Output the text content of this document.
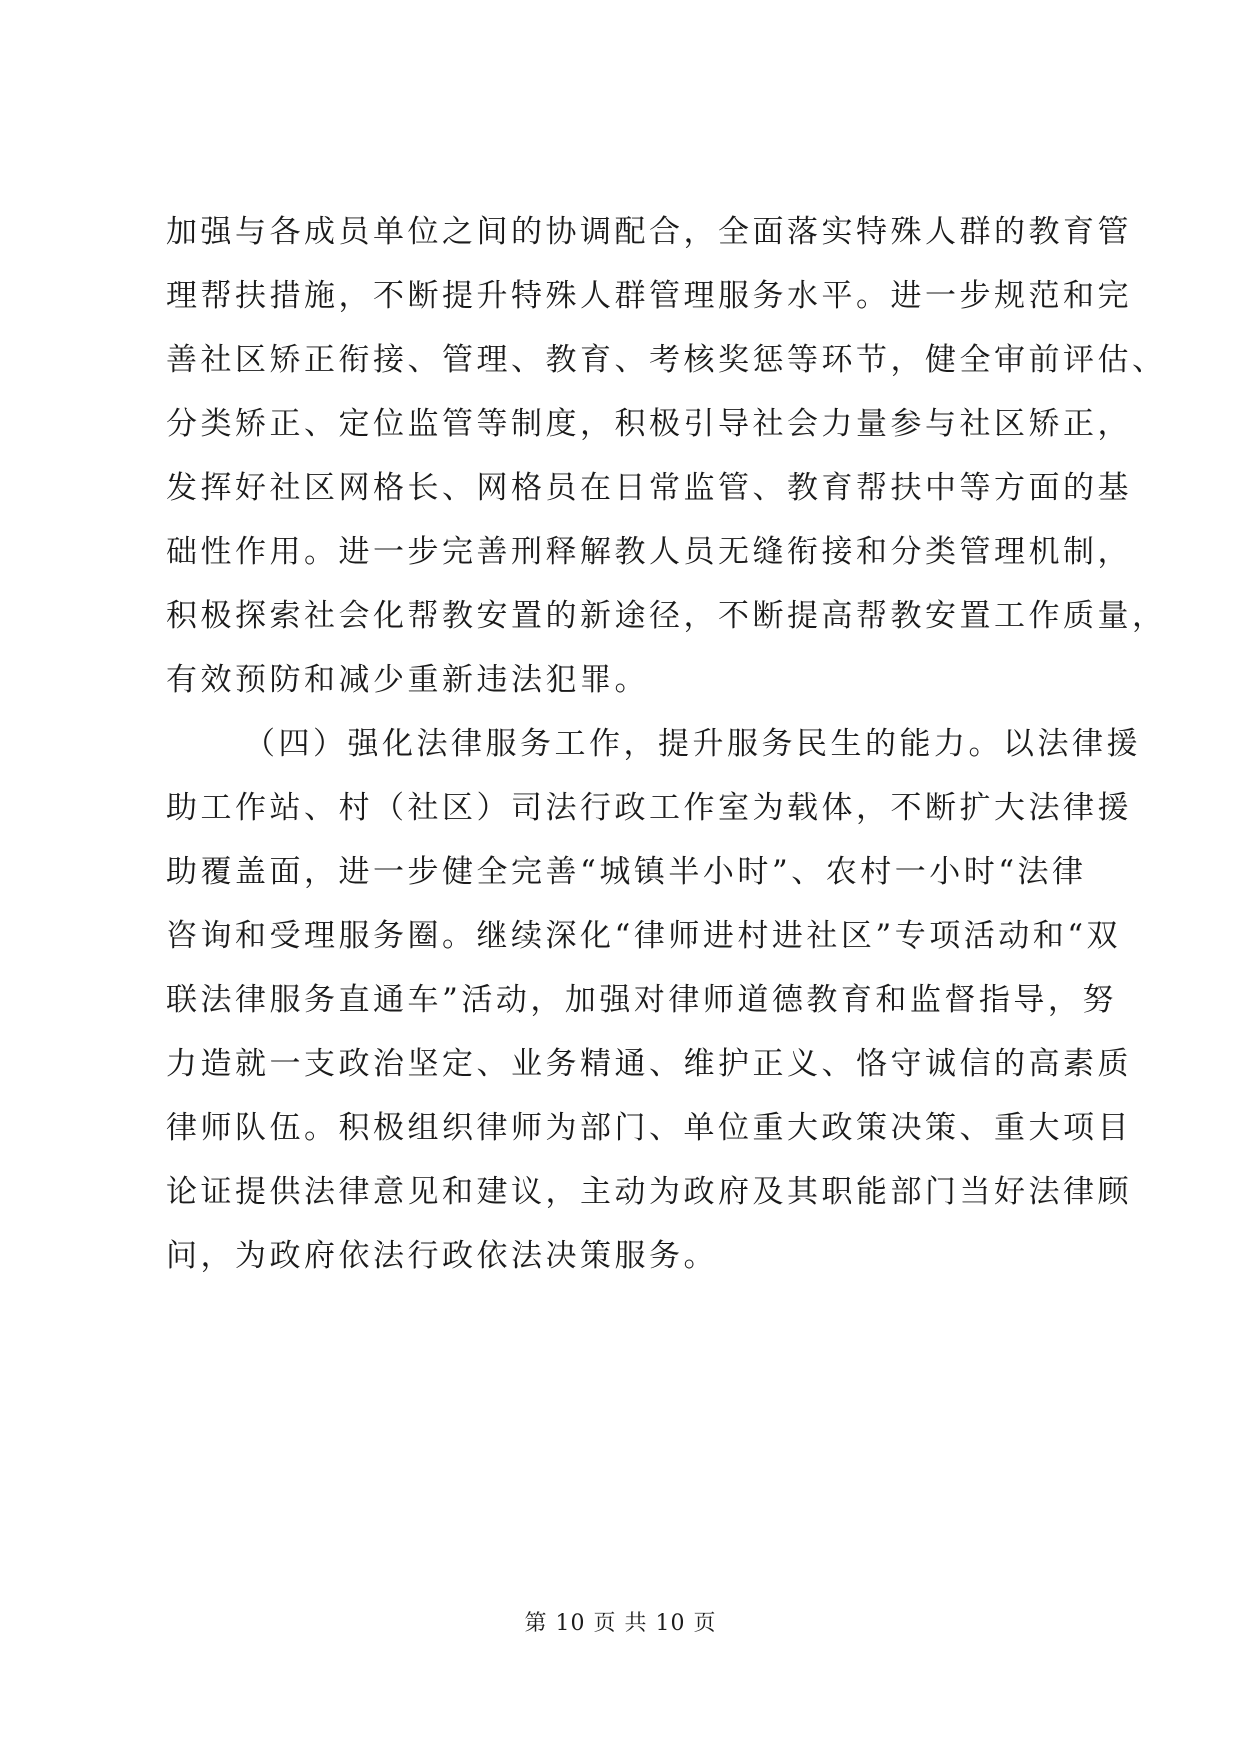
加强与各成员单位之间的协调配合，全面落实特殊人群的教育管
理帮扶措施，不断提升特殊人群管理服务水平。进一步规范和完
善社区矫正衔接、管理、教育、考核奖惩等环节，健全审前评估、
分类矫正、定位监管等制度，积极引导社会力量参与社区矫正，
发挥好社区网格长、网格员在日常监管、教育帮扶中等方面的基
础性作用。进一步完善刑释解教人员无缝衔接和分类管理机制，
积极探索社会化帮教安置的新途径，不断提高帮教安置工作质量，
有效预防和减少重新违法犯罪。
（四）强化法律服务工作，提升服务民生的能力。以法律援
助工作站、村（社区）司法行政工作室为载体，不断扩大法律援
助覆盖面，进一步健全完善“城镇半小时”、农村一小时“法律
咨询和受理服务圈。继续深化“律师进村进社区”专项活动和“双
联法律服务直通车”活动，加强对律师道德教育和监督指导，努
力造就一支政治坚定、业务精通、维护正义、恪守诚信的高素质
律师队伍。积极组织律师为部门、单位重大政策决策、重大项目
论证提供法律意见和建议，主动为政府及其职能部门当好法律顾
问，为政府依法行政依法决策服务。
第 10 页 共 10 页
